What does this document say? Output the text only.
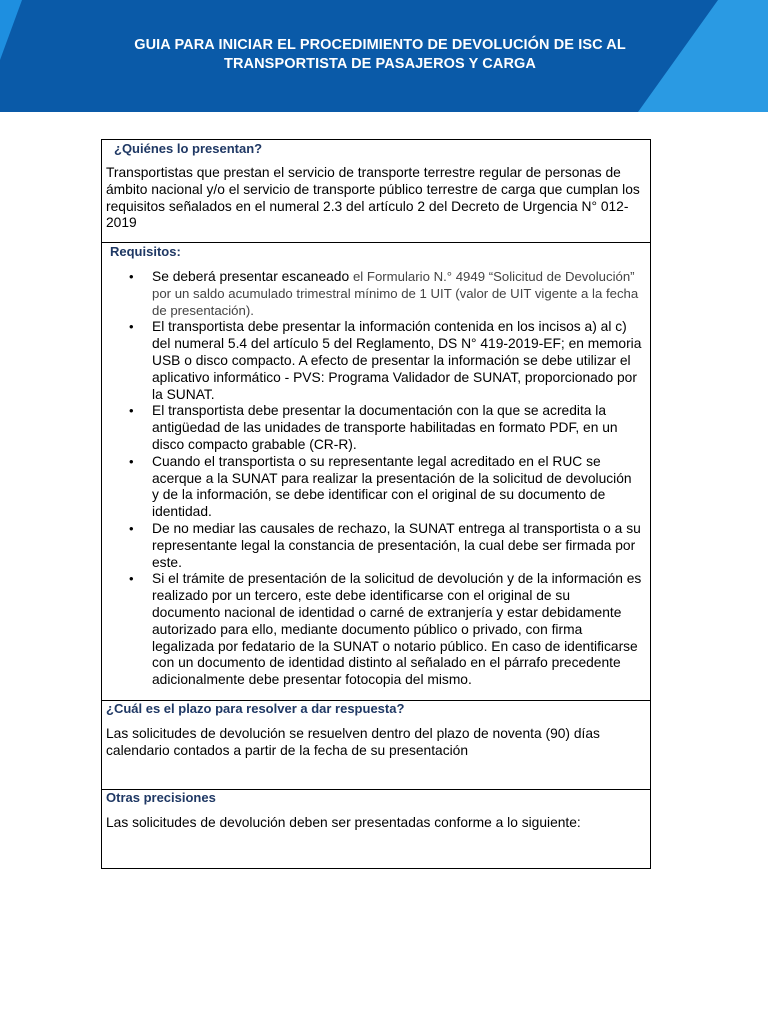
GUIA PARA INICIAR EL PROCEDIMIENTO DE DEVOLUCIÓN DE ISC AL
TRANSPORTISTA DE PASAJEROS Y CARGA
¿Quiénes lo presentan?
Transportistas que prestan el servicio de transporte terrestre regular de personas de ámbito nacional y/o el servicio de transporte público terrestre de carga que cumplan los requisitos señalados en el numeral 2.3 del artículo 2 del Decreto de Urgencia N° 012-2019
Requisitos:
• Se deberá presentar escaneado el Formulario N.° 4949 “Solicitud de Devolución” por un saldo acumulado trimestral mínimo de 1 UIT (valor de UIT vigente a la fecha de presentación).
• El transportista debe presentar la información contenida en los incisos a) al c) del numeral 5.4 del artículo 5 del Reglamento, DS N° 419-2019-EF; en memoria USB o disco compacto. A efecto de presentar la información se debe utilizar el aplicativo informático - PVS: Programa Validador de SUNAT, proporcionado por la SUNAT.
• El transportista debe presentar la documentación con la que se acredita la antigüedad de las unidades de transporte habilitadas en formato PDF, en un disco compacto grabable (CR-R).
• Cuando el transportista o su representante legal acreditado en el RUC se acerque a la SUNAT para realizar la presentación de la solicitud de devolución y de la información, se debe identificar con el original de su documento de identidad.
• De no mediar las causales de rechazo, la SUNAT entrega al transportista o a su representante legal la constancia de presentación, la cual debe ser firmada por este.
• Si el trámite de presentación de la solicitud de devolución y de la información es realizado por un tercero, este debe identificarse con el original de su documento nacional de identidad o carné de extranjería y estar debidamente autorizado para ello, mediante documento público o privado, con firma legalizada por fedatario de la SUNAT o notario público. En caso de identificarse con un documento de identidad distinto al señalado en el párrafo precedente adicionalmente debe presentar fotocopia del mismo.
¿Cuál es el plazo para resolver a dar respuesta?
Las solicitudes de devolución se resuelven dentro del plazo de noventa (90) días calendario contados a partir de la fecha de su presentación
Otras precisiones
Las solicitudes de devolución deben ser presentadas conforme a lo siguiente:
